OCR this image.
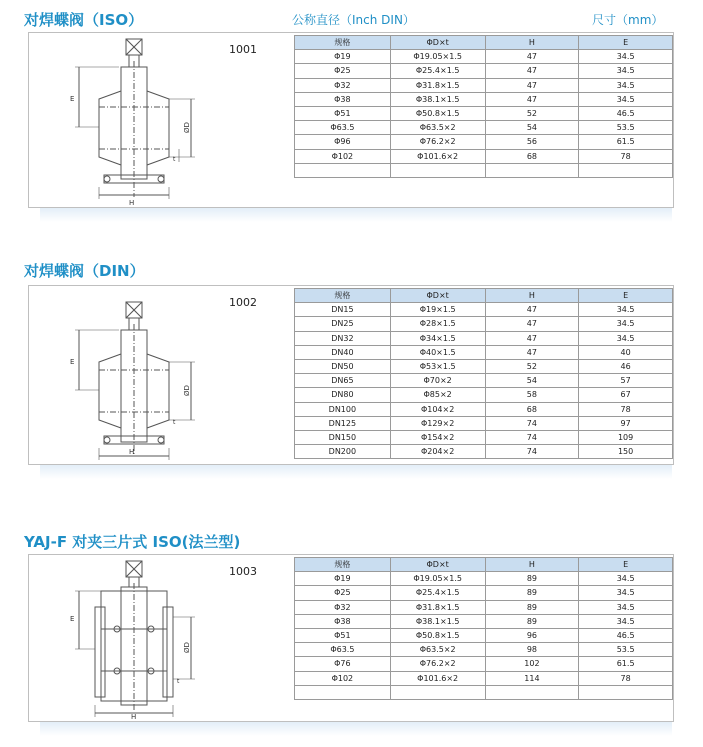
对焊蝶阀（ISO）	公称直径（Inch DIN）	尺寸（mm）
1001
E
H
ØD
t
规格	ΦD×t	H	E
Φ19	Φ19.05×1.5	47	34.5
Φ25	Φ25.4×1.5	47	34.5
Φ32	Φ31.8×1.5	47	34.5
Φ38	Φ38.1×1.5	47	34.5
Φ51	Φ50.8×1.5	52	46.5
Φ63.5	Φ63.5×2	54	53.5
Φ96	Φ76.2×2	56	61.5
Φ102	Φ101.6×2	68	78

对焊蝶阀（DIN）
1002
E
H
ØD
t
规格	ΦD×t	H	E
DN15	Φ19×1.5	47	34.5
DN25	Φ28×1.5	47	34.5
DN32	Φ34×1.5	47	34.5
DN40	Φ40×1.5	47	40
DN50	Φ53×1.5	52	46
DN65	Φ70×2	54	57
DN80	Φ85×2	58	67
DN100	Φ104×2	68	78
DN125	Φ129×2	74	97
DN150	Φ154×2	74	109
DN200	Φ204×2	74	150
YAJ-F 对夹三片式 ISO(法兰型)
1003
E
H
ØD
t
规格	ΦD×t	H	E
Φ19	Φ19.05×1.5	89	34.5
Φ25	Φ25.4×1.5	89	34.5
Φ32	Φ31.8×1.5	89	34.5
Φ38	Φ38.1×1.5	89	34.5
Φ51	Φ50.8×1.5	96	46.5
Φ63.5	Φ63.5×2	98	53.5
Φ76	Φ76.2×2	102	61.5
Φ102	Φ101.6×2	114	78
